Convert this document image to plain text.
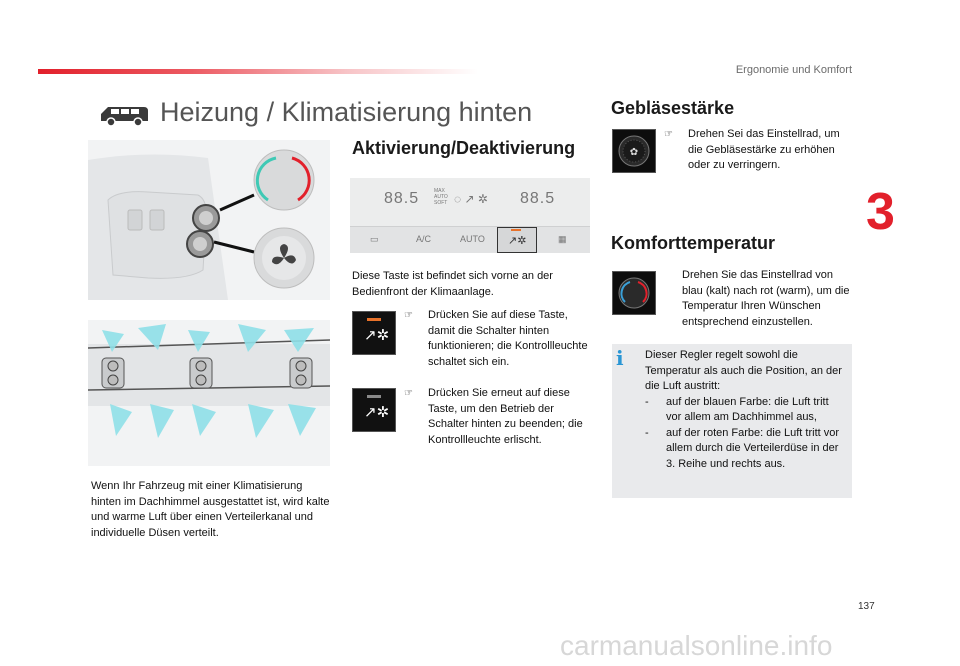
Ergonomie und Komfort
3
Heizung / Klimatisierung hinten
Wenn Ihr Fahrzeug mit einer Klimatisierung hinten im Dachhimmel ausgestattet ist, wird kalte und warme Luft über einen Verteilerkanal und individuelle Düsen verteilt.
Aktivierung/Deaktivierung
88.5	MAX
AUTO
SOFT ◌ ↗ ✲ 88.5
▭	A/C	AUTO ↗✲	▦
Diese Taste ist befindet sich vorne an der Bedienfront der Klimaanlage.
↗✲
☞	Drücken Sie auf diese Taste, damit die Schalter hinten funktionieren; die Kontrollleuchte schaltet sich ein.
↗✲
☞	Drücken Sie erneut auf diese Taste, um den Betrieb der Schalter hinten zu beenden; die Kontrollleuchte erlischt.
Gebläsestärke
✿
☞	Drehen Sei das Einstellrad, um die Gebläsestärke zu erhöhen oder zu verringern.
Komforttemperatur
-	Drehen Sie das Einstellrad von blau (kalt) nach rot (warm), um die Temperatur Ihren Wünschen entsprechend einzustellen.
i	Dieser Regler regelt sowohl die Temperatur als auch die Position, an der die Luft austritt:
-	auf der blauen Farbe: die Luft tritt vor allem am Dachhimmel aus,
-	auf der roten Farbe: die Luft tritt vor allem durch die Verteilerdüse in der 3. Reihe und rechts aus.
137
carmanualsonline.info
